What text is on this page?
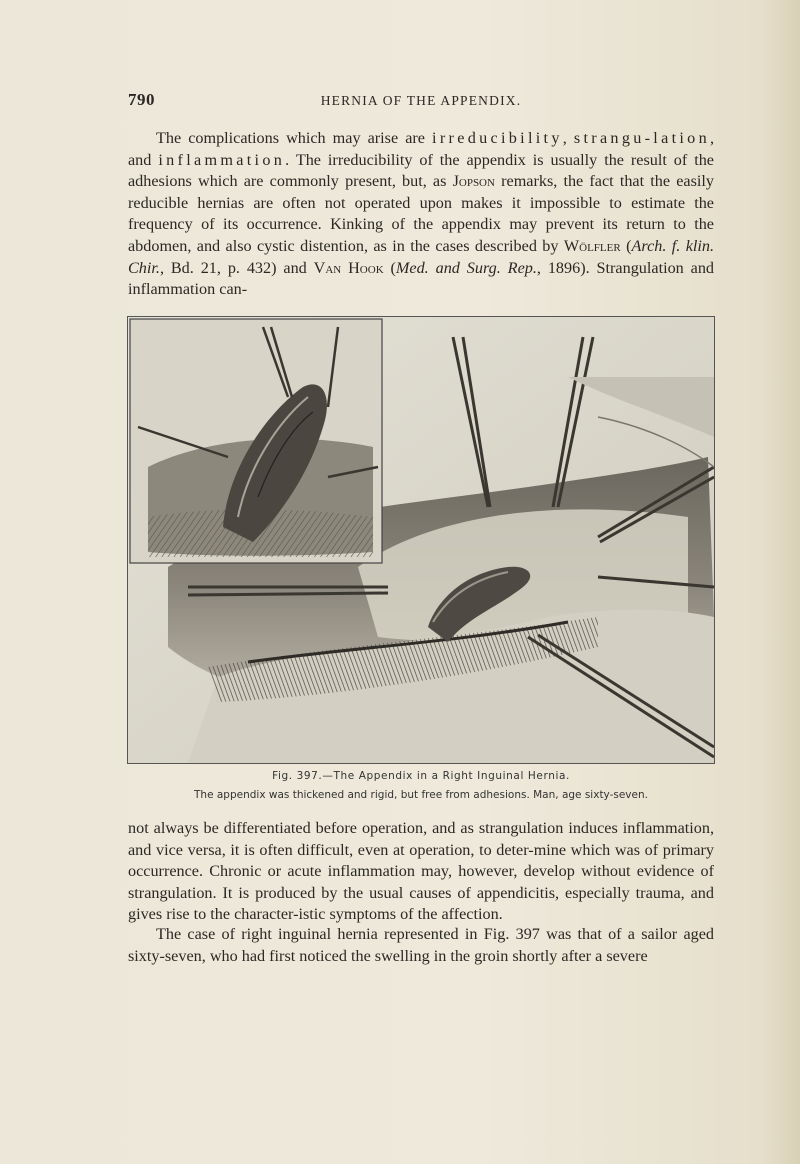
790	HERNIA OF THE APPENDIX.

The complications which may arise are irreducibility, strangu-lation, and inflammation. The irreducibility of the appendix is usually the result of the adhesions which are commonly present, but, as Jopson remarks, the fact that the easily reducible hernias are often not operated upon makes it impossible to estimate the frequency of its occurrence. Kinking of the appendix may prevent its return to the abdomen, and also cystic distention, as in the cases described by Wölfler (Arch. f. klin. Chir., Bd. 21, p. 432) and Van Hook (Med. and Surg. Rep., 1896). Strangulation and inflammation can-

Fig. 397.—The Appendix in a Right Inguinal Hernia.
The appendix was thickened and rigid, but free from adhesions. Man, age sixty-seven.

not always be differentiated before operation, and as strangulation induces inflammation, and vice versa, it is often difficult, even at operation, to deter-mine which was of primary occurrence. Chronic or acute inflammation may, however, develop without evidence of strangulation. It is produced by the usual causes of appendicitis, especially trauma, and gives rise to the character-istic symptoms of the affection.

The case of right inguinal hernia represented in Fig. 397 was that of a sailor aged sixty-seven, who had first noticed the swelling in the groin shortly after a severe
